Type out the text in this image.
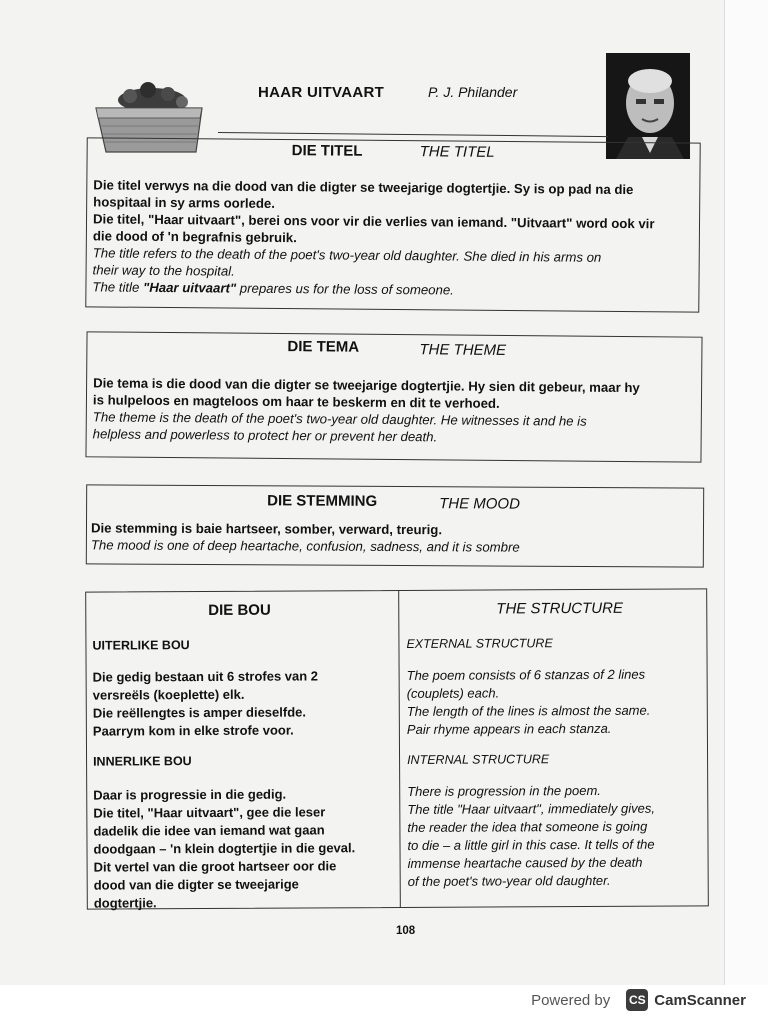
HAAR UITVAART	P. J. Philander
DIE TITEL	THE TITEL
Die titel verwys na die dood van die digter se tweejarige dogtertjie. Sy is op pad na die
hospitaal in sy arms oorlede.
Die titel, "Haar uitvaart", berei ons voor vir die verlies van iemand. "Uitvaart" word ook vir
die dood of 'n begrafnis gebruik.
The title refers to the death of the poet's two-year old daughter. She died in his arms on
their way to the hospital.
The title "Haar uitvaart" prepares us for the loss of someone.
DIE TEMA	THE THEME
Die tema is die dood van die digter se tweejarige dogtertjie. Hy sien dit gebeur, maar hy
is hulpeloos en magteloos om haar te beskerm en dit te verhoed.
The theme is the death of the poet's two-year old daughter. He witnesses it and he is
helpless and powerless to protect her or prevent her death.
DIE STEMMING	THE MOOD
Die stemming is baie hartseer, somber, verward, treurig.
The mood is one of deep heartache, confusion, sadness, and it is sombre
DIE BOU
UITERLIKE BOU
Die gedig bestaan uit 6 strofes van 2
versreëls (koeplette) elk.
Die reëllengtes is amper dieselfde.
Paarrym kom in elke strofe voor.
INNERLIKE BOU
Daar is progressie in die gedig.
Die titel, "Haar uitvaart", gee die leser
dadelik die idee van iemand wat gaan
doodgaan – 'n klein dogtertjie in die geval.
Dit vertel van die groot hartseer oor die
dood van die digter se tweejarige
dogtertjie.
THE STRUCTURE
EXTERNAL STRUCTURE
The poem consists of 6 stanzas of 2 lines
(couplets) each.
The length of the lines is almost the same.
Pair rhyme appears in each stanza.
INTERNAL STRUCTURE
There is progression in the poem.
The title "Haar uitvaart", immediately gives,
the reader the idea that someone is going
to die – a little girl in this case. It tells of the
immense heartache caused by the death
of the poet's two-year old daughter.
108
Powered by CS CamScanner
